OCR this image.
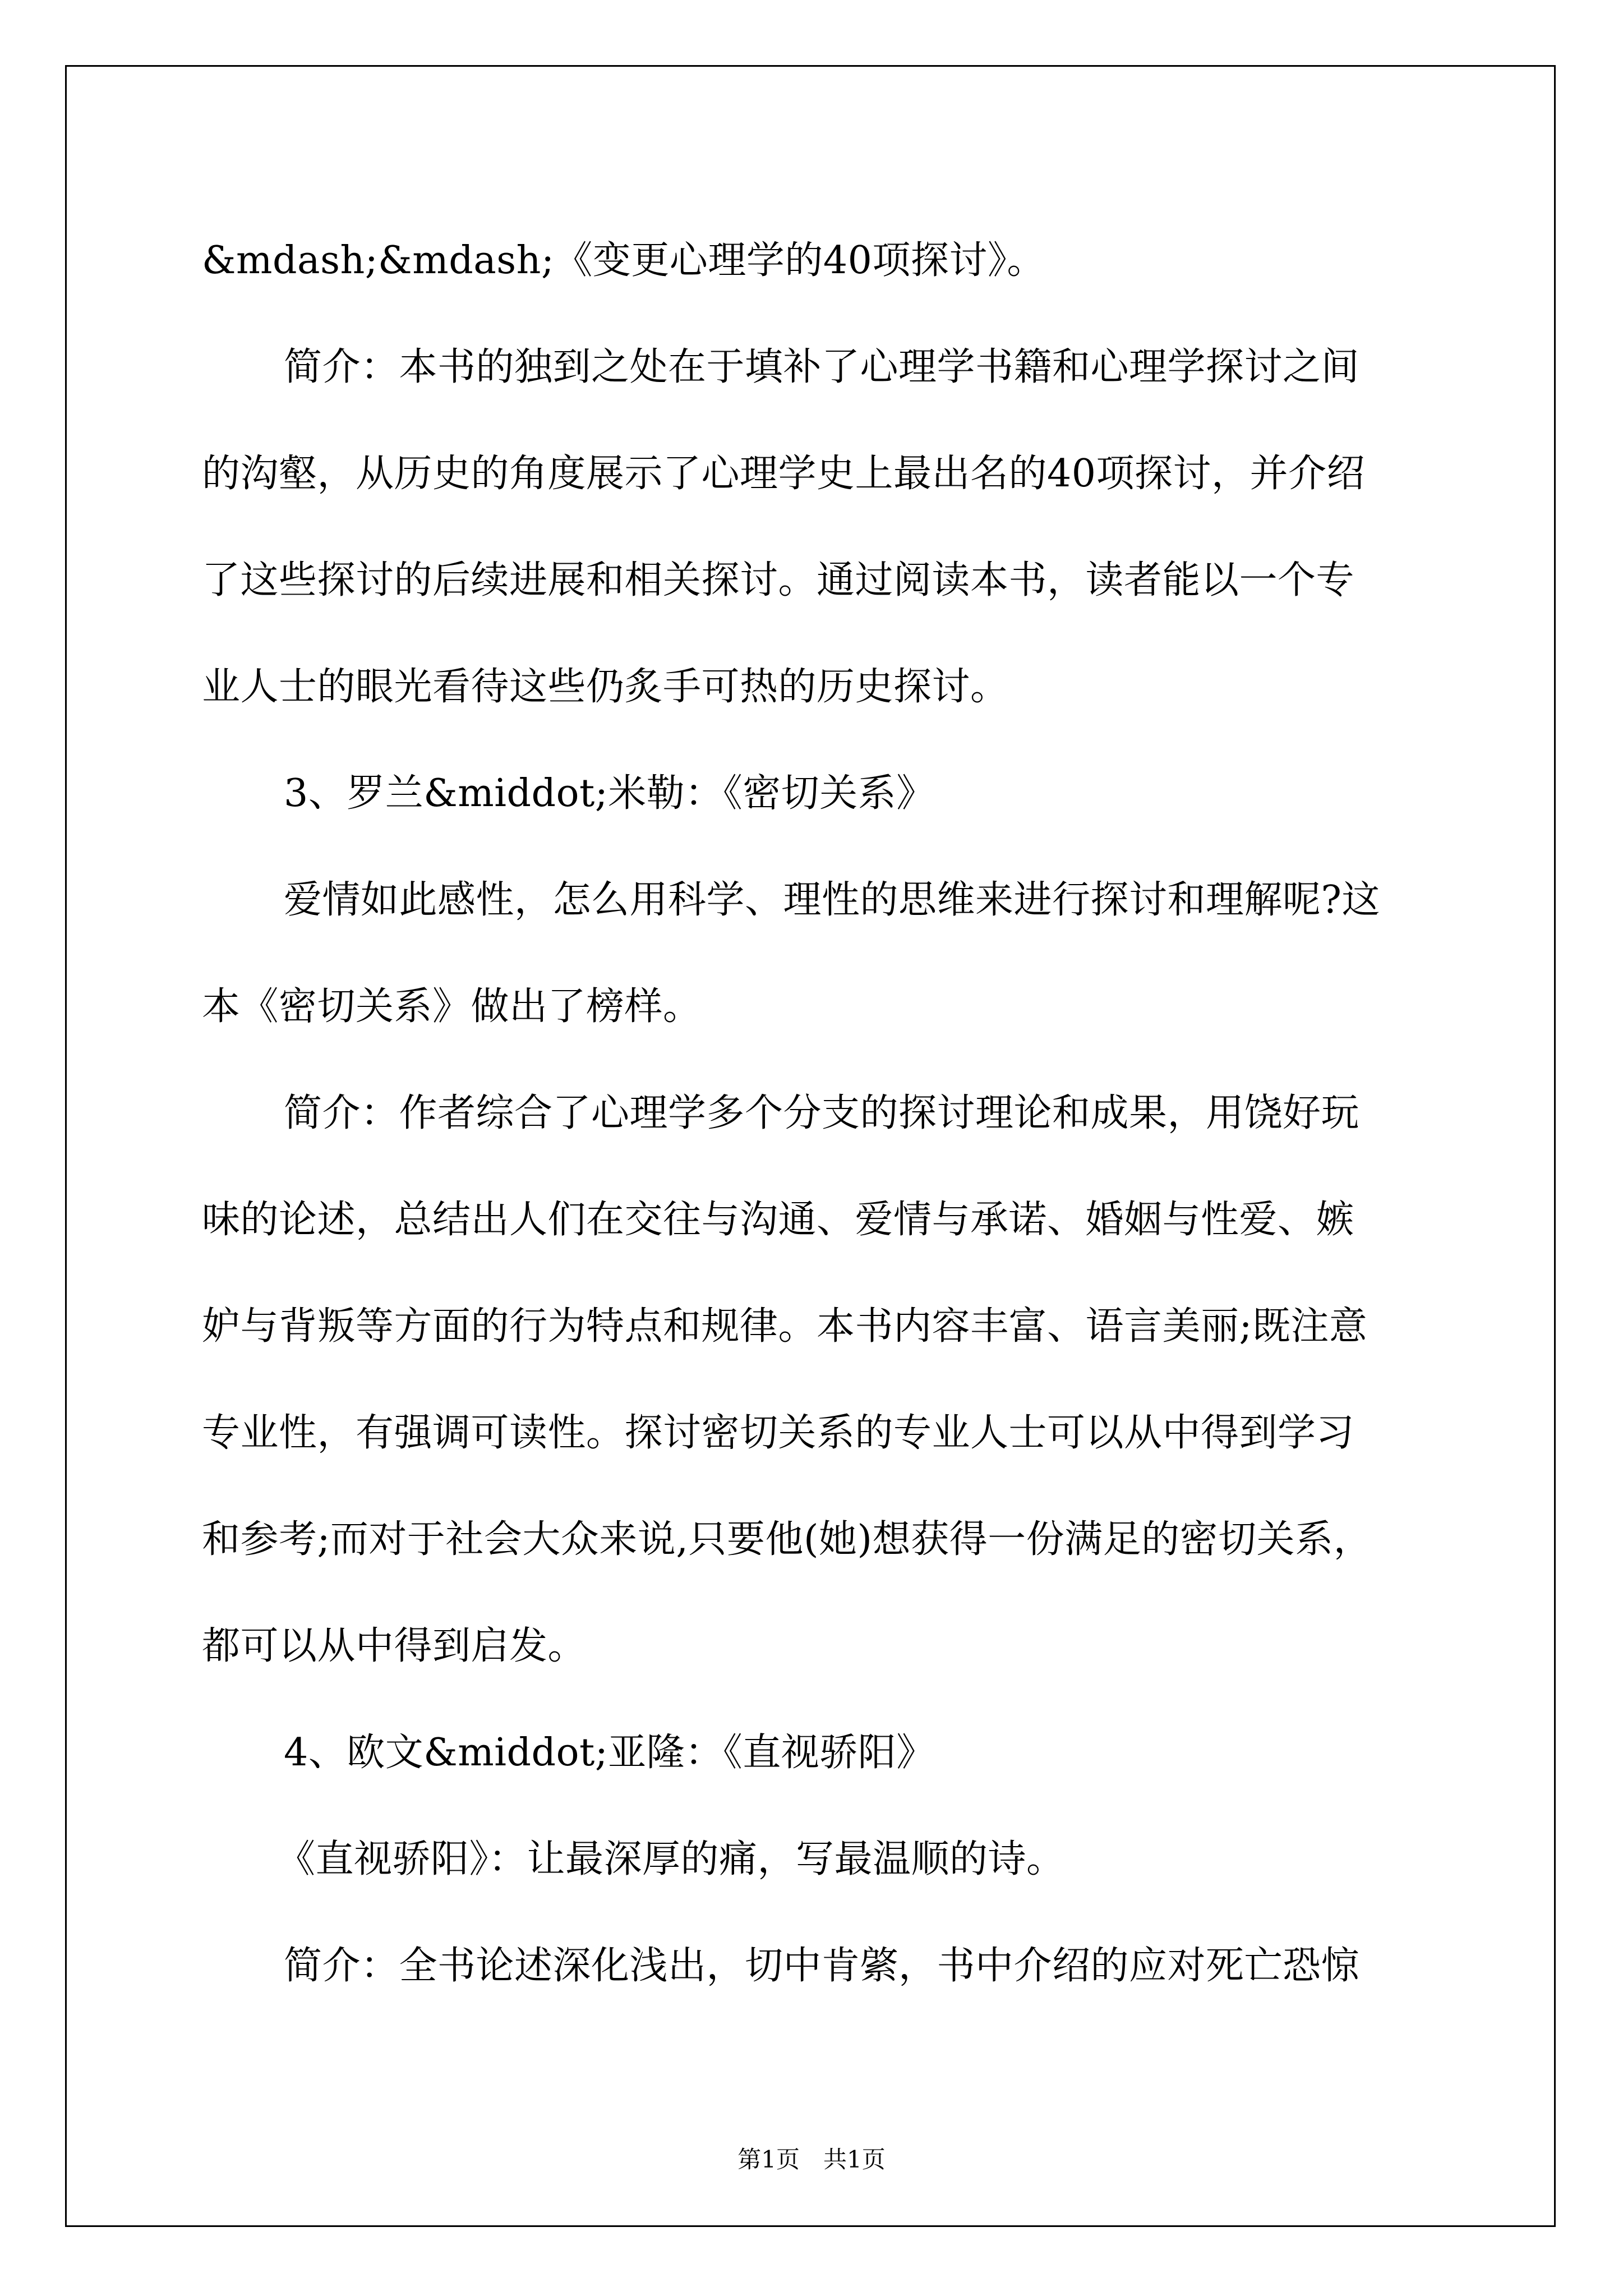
&mdash;&mdash;《变更心理学的40项探讨》。
简介：本书的独到之处在于填补了心理学书籍和心理学探讨之间
的沟壑，从历史的角度展示了心理学史上最出名的40项探讨，并介绍
了这些探讨的后续进展和相关探讨。通过阅读本书，读者能以一个专
业人士的眼光看待这些仍炙手可热的历史探讨。
3、罗兰&middot;米勒：《密切关系》
爱情如此感性，怎么用科学、理性的思维来进行探讨和理解呢?这
本《密切关系》做出了榜样。
简介：作者综合了心理学多个分支的探讨理论和成果，用饶好玩
味的论述，总结出人们在交往与沟通、爱情与承诺、婚姻与性爱、嫉
妒与背叛等方面的行为特点和规律。本书内容丰富、语言美丽;既注意
专业性，有强调可读性。探讨密切关系的专业人士可以从中得到学习
和参考;而对于社会大众来说,只要他(她)想获得一份满足的密切关系，
都可以从中得到启发。
4、欧文&middot;亚隆：《直视骄阳》
《直视骄阳》：让最深厚的痛，写最温顺的诗。
简介：全书论述深化浅出，切中肯綮，书中介绍的应对死亡恐惊
第1页　共1页
